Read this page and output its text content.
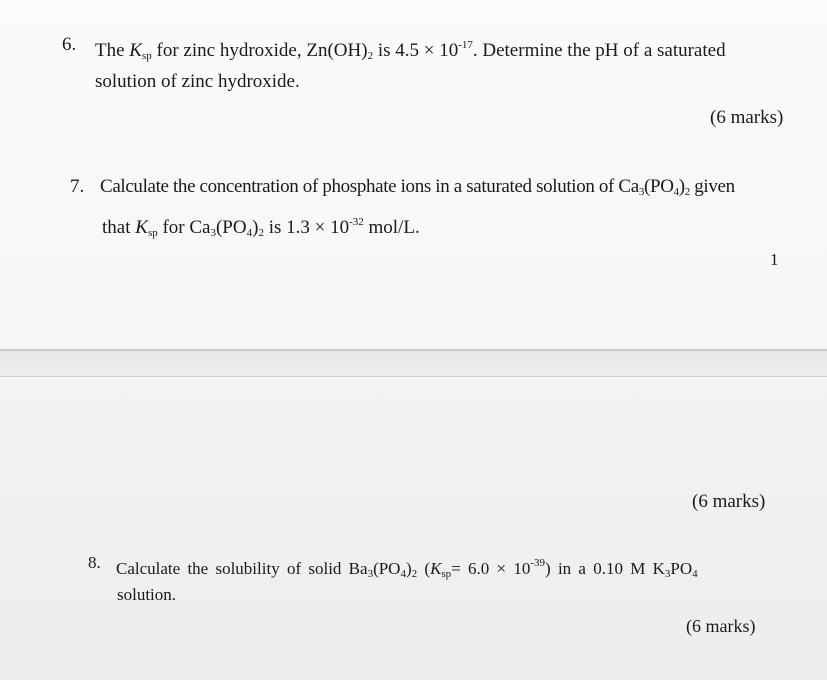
6. The Ksp for zinc hydroxide, $Zn(OH)_2$ is $4.5 \times 10^{-17}$. Determine the pH of a saturated
solution of zinc hydroxide.
(6 marks)
7. Calculate the concentration of phosphate ions in a saturated solution of $Ca_3(PO_4)_2$ given
that Ksp for $Ca_3(PO_4)_2$ is $1.3 \times 10^{-32}$ mol/L.
1
(6 marks)
8. Calculate the solubility of solid $Ba_3(PO_4)_2$ $(Ksp= 6.0 \times 10^{-39})$ in a 0.10 M $K_3PO_4$
solution.
(6 marks)
